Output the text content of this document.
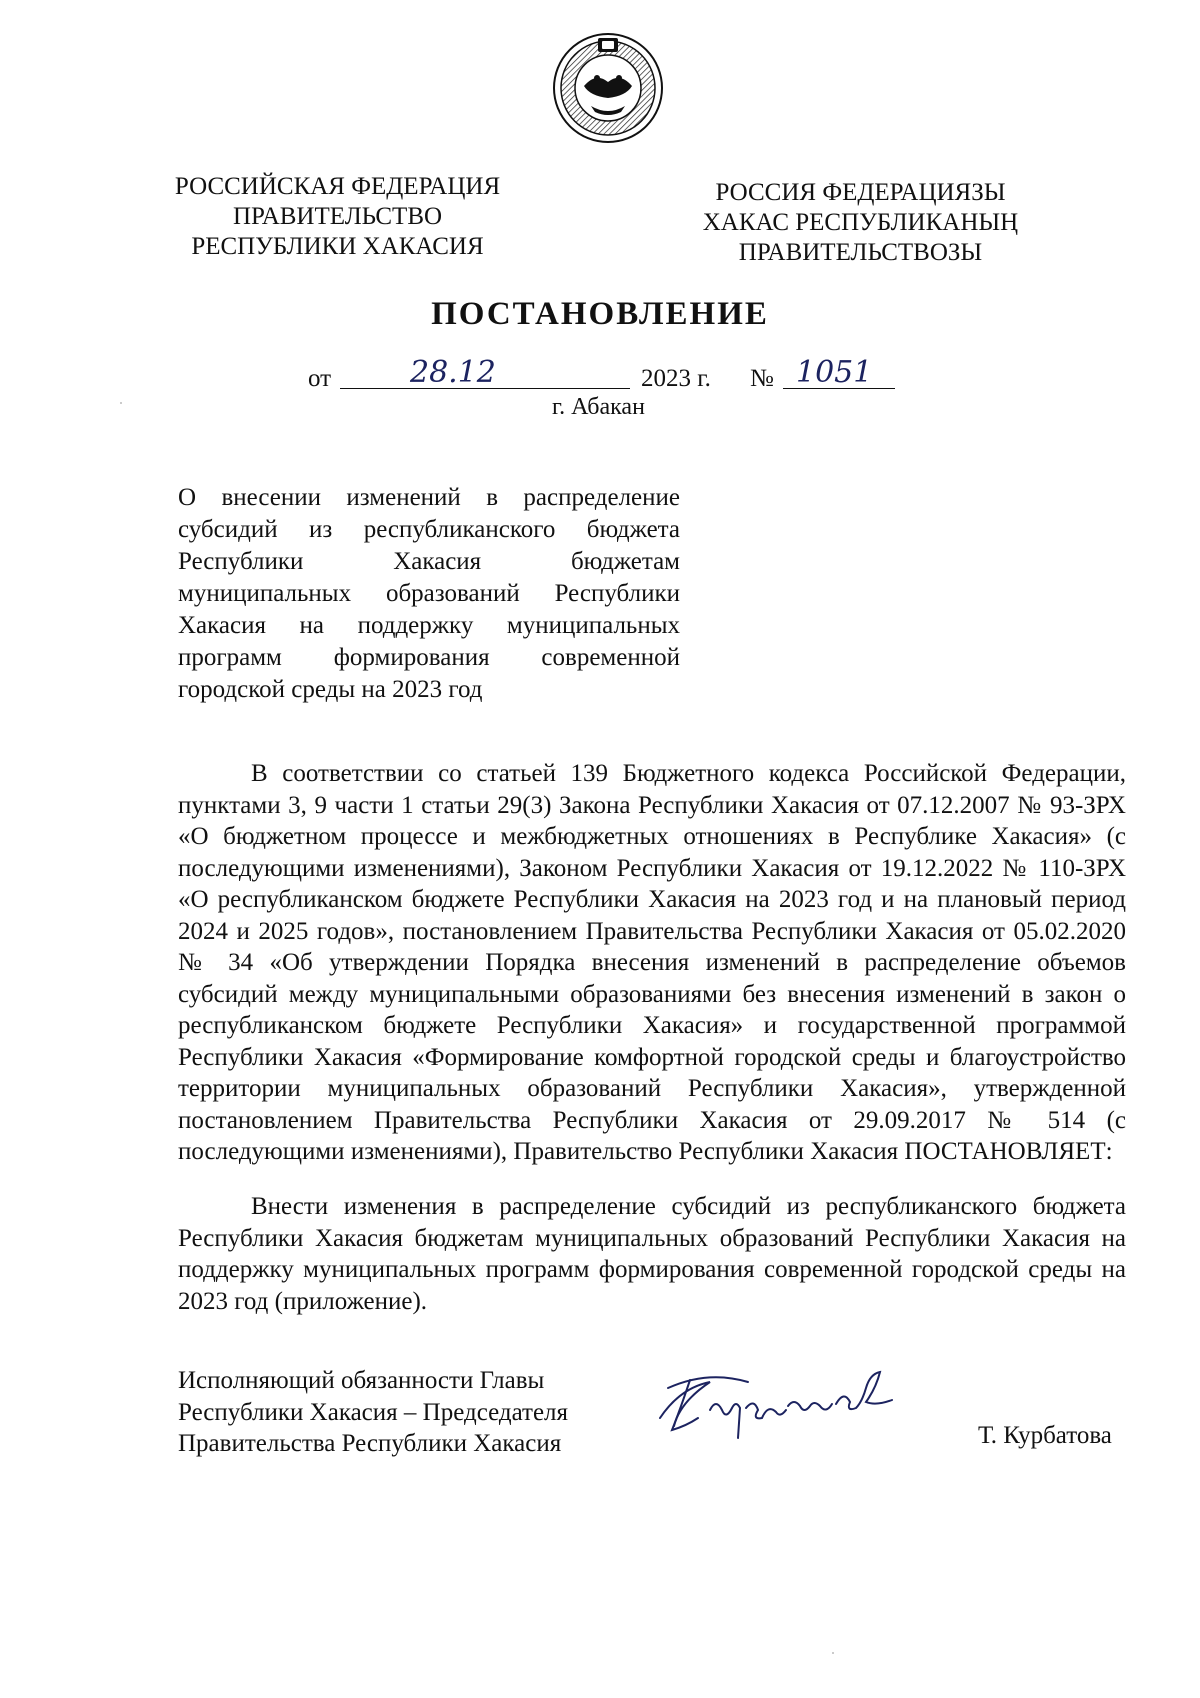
РОССИЙСКАЯ ФЕДЕРАЦИЯ
ПРАВИТЕЛЬСТВО
РЕСПУБЛИКИ ХАКАСИЯ
РОССИЯ ФЕДЕРАЦИЯЗЫ
ХАКАС РЕСПУБЛИКАНЫҢ
ПРАВИТЕЛЬСТВОЗЫ
ПОСТАНОВЛЕНИЕ
от	28.12	2023 г. № 1051
г. Абакан
О внесении изменений в распределение субсидий из республиканского бюджета Республики Хакасия бюджетам муниципальных образований Республики Хакасия на поддержку муниципальных программ формирования современной городской среды на 2023 год

В соответствии со статьей 139 Бюджетного кодекса Российской Федерации, пунктами 3, 9 части 1 статьи 29(3) Закона Республики Хакасия от 07.12.2007 № 93-ЗРХ «О бюджетном процессе и межбюджетных отношениях в Республике Хакасия» (с последующими изменениями), Законом Республики Хакасия от 19.12.2022 № 110-ЗРХ «О республиканском бюджете Республики Хакасия на 2023 год и на плановый период 2024 и 2025 годов», постановлением Правительства Республики Хакасия от 05.02.2020 № 34 «Об утверждении Порядка внесения изменений в распределение объемов субсидий между муниципальными образованиями без внесения изменений в закон о республиканском бюджете Республики Хакасия» и государственной программой Республики Хакасия «Формирование комфортной городской среды и благоустройство территории муниципальных образований Республики Хакасия», утвержденной постановлением Правительства Республики Хакасия от 29.09.2017 № 514 (с последующими изменениями), Правительство Республики Хакасия ПОСТАНОВЛЯЕТ:

Внести изменения в распределение субсидий из республиканского бюджета Республики Хакасия бюджетам муниципальных образований Республики Хакасия на поддержку муниципальных программ формирования современной городской среды на 2023 год (приложение).

Исполняющий обязанности Главы
Республики Хакасия – Председателя
Правительства Республики Хакасия	Т. Курбатова
